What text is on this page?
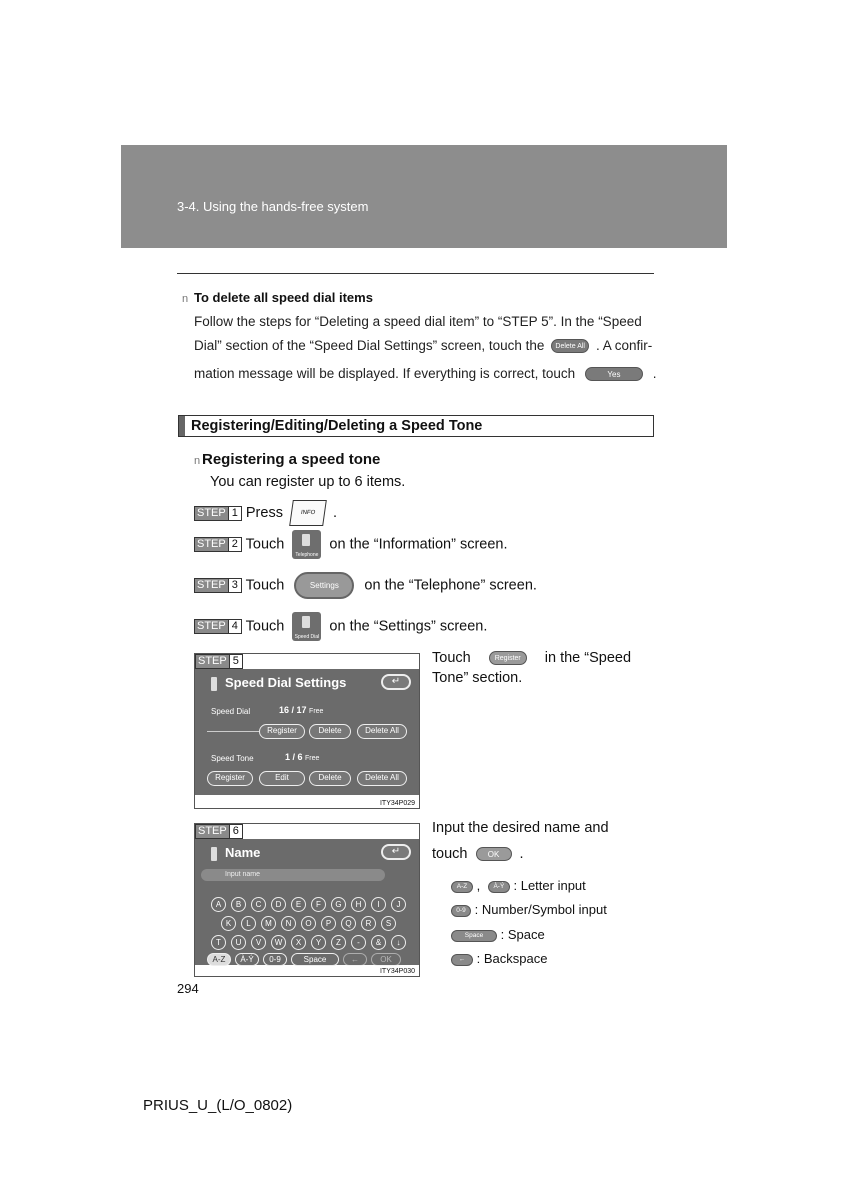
3-4. Using the hands-free system
n To delete all speed dial items
Follow the steps for “Deleting a speed dial item” to “STEP 5”. In the “Speed
Dial” section of the “Speed Dial Settings” screen, touch the Delete All . A confir-
mation message will be displayed. If everything is correct, touch	Yes .
Registering/Editing/Deleting a Speed Tone
n Registering a speed tone
You can register up to 6 items.
STEP 1 Press	INFO .
STEP 2 Touch
Telephone
on the “Information” screen.
STEP 3 Touch	Settings on the “Telephone” screen.
STEP 4 Touch
Speed Dial
on the “Settings” screen.
STEP 5
Speed Dial Settings	↵
Speed Dial	16 / 17 Free
Register	Delete	Delete All
Speed Tone	1 / 6 Free
Register	Edit	Delete	Delete All
ITY34P029
Touch	Register in the “Speed
Tone” section.
STEP 6
Name	↵
Input name
A	B	C	D	E	F	G	H	I	J
K	L	M	N	O	P	Q	R	S
T	U	V	W	X	Y	Z	-	&	↓
A-Z	À-Ý	0-9	Space	←	OK
ITY34P030
Input the desired name and
touch	OK .
A-Z , À-Ý : Letter input
0-9 : Number/Symbol input
Space : Space
← : Backspace
294
PRIUS_U_(L/O_0802)
